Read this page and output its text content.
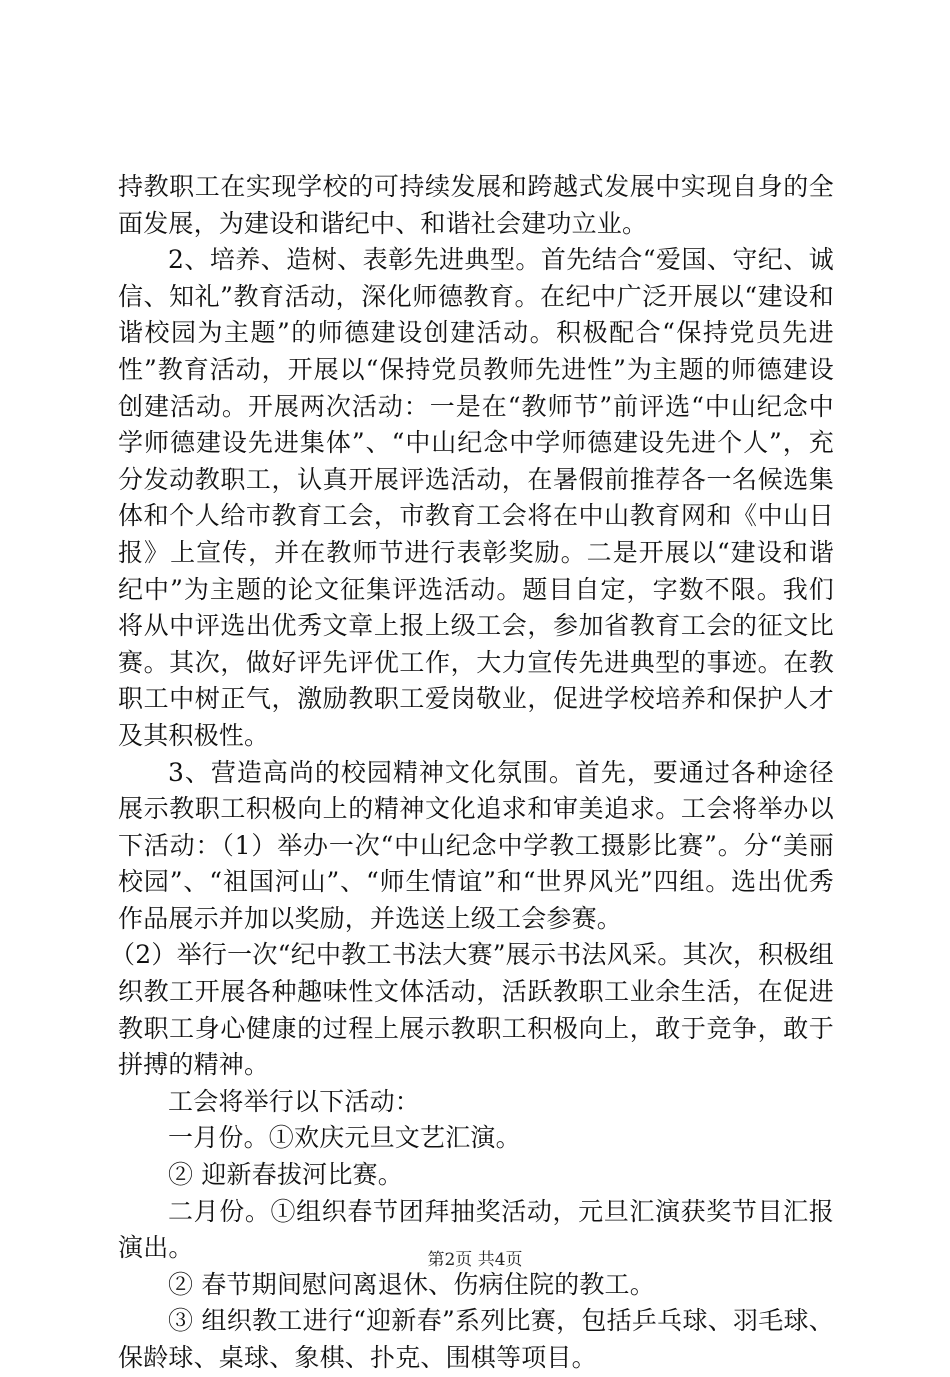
持教职工在实现学校的可持续发展和跨越式发展中实现自身的全面发展，为建设和谐纪中、和谐社会建功立业。

2、培养、造树、表彰先进典型。首先结合“爱国、守纪、诚信、知礼”教育活动，深化师德教育。在纪中广泛开展以“建设和谐校园为主题”的师德建设创建活动。积极配合“保持党员先进性”教育活动，开展以“保持党员教师先进性”为主题的师德建设创建活动。开展两次活动：一是在“教师节”前评选“中山纪念中学师德建设先进集体”、“中山纪念中学师德建设先进个人”，充分发动教职工，认真开展评选活动，在暑假前推荐各一名候选集体和个人给市教育工会，市教育工会将在中山教育网和《中山日报》上宣传，并在教师节进行表彰奖励。二是开展以“建设和谐纪中”为主题的论文征集评选活动。题目自定，字数不限。我们将从中评选出优秀文章上报上级工会，参加省教育工会的征文比赛。其次，做好评先评优工作，大力宣传先进典型的事迹。在教职工中树正气，激励教职工爱岗敬业，促进学校培养和保护人才及其积极性。

3、营造高尚的校园精神文化氛围。首先，要通过各种途径展示教职工积极向上的精神文化追求和审美追求。工会将举办以下活动：（1）举办一次“中山纪念中学教工摄影比赛”。分“美丽校园”、“祖国河山”、“师生情谊”和“世界风光”四组。选出优秀作品展示并加以奖励，并选送上级工会参赛。

（2）举行一次“纪中教工书法大赛”展示书法风采。其次，积极组织教工开展各种趣味性文体活动，活跃教职工业余生活，在促进教职工身心健康的过程上展示教职工积极向上，敢于竞争，敢于拼搏的精神。

工会将举行以下活动：

一月份。①欢庆元旦文艺汇演。

② 迎新春拔河比赛。

二月份。①组织春节团拜抽奖活动，元旦汇演获奖节目汇报演出。

② 春节期间慰问离退休、伤病住院的教工。

③ 组织教工进行“迎新春”系列比赛，包括乒乓球、羽毛球、保龄球、桌球、象棋、扑克、围棋等项目。

第2页 共4页
